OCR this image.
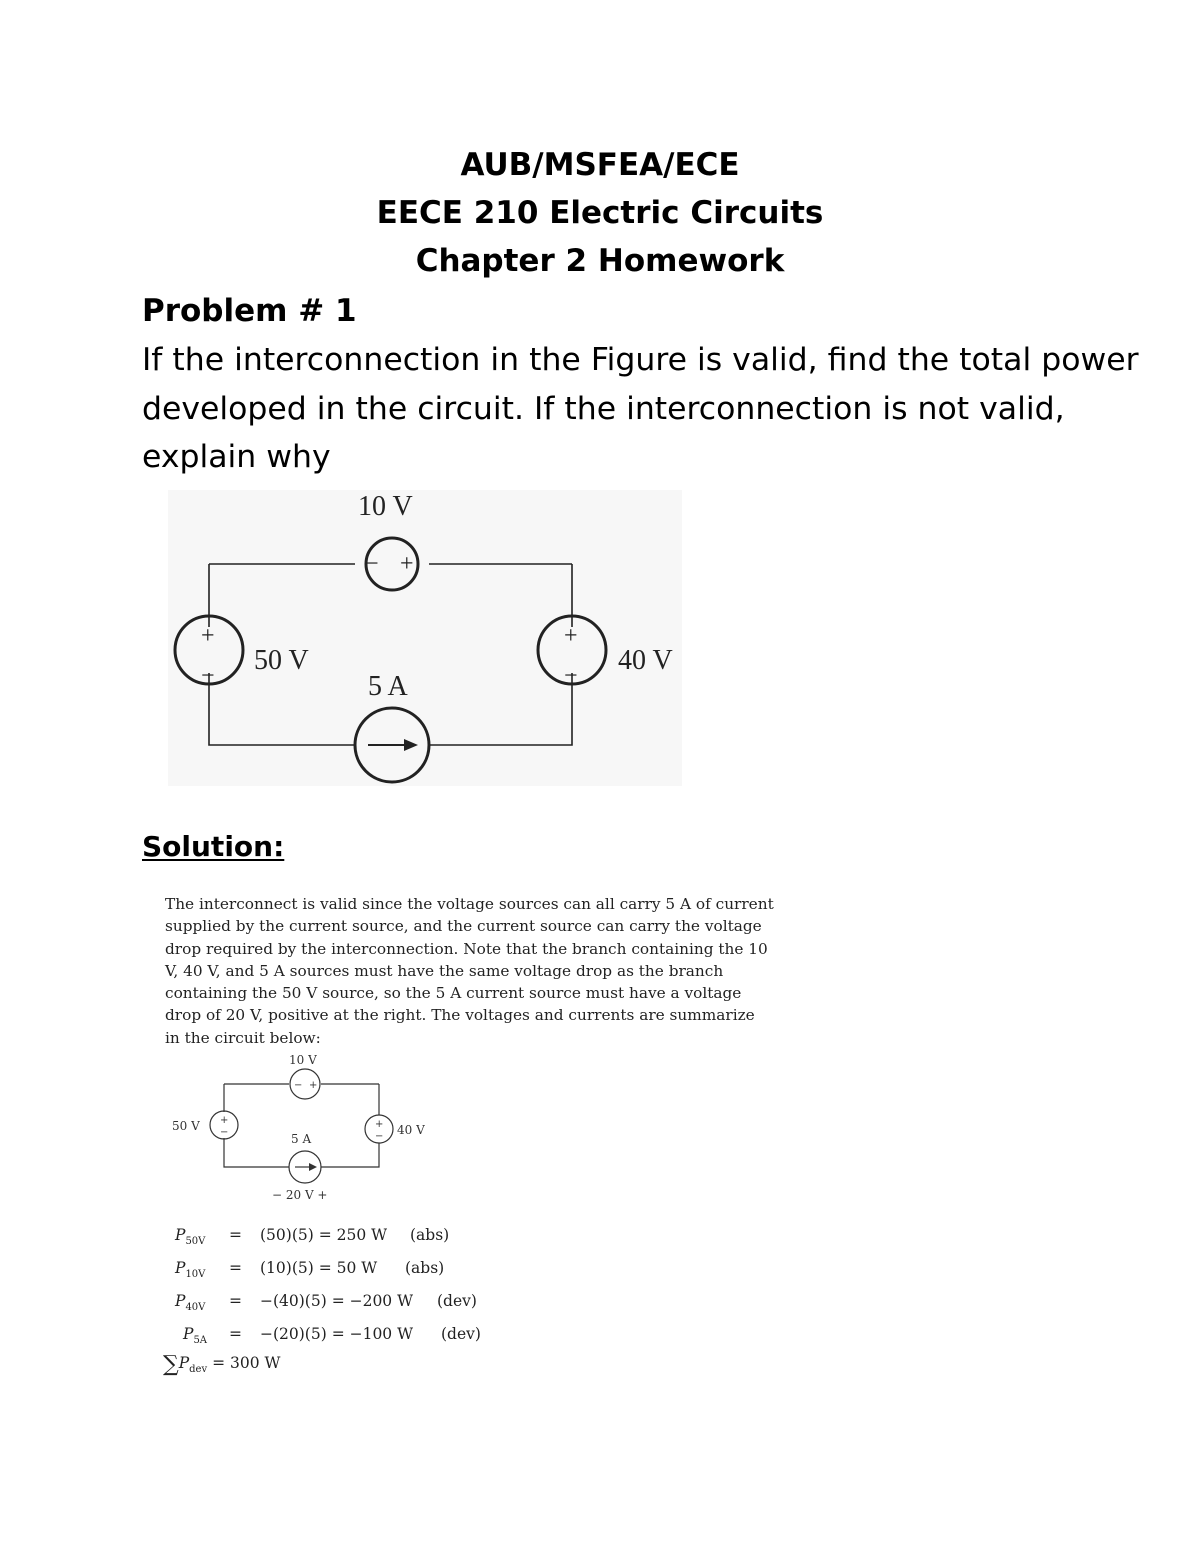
AUB/MSFEA/ECE
EECE 210 Electric Circuits
Chapter 2 Homework
Problem # 1
If the interconnection in the Figure is valid, find the total power developed in the circuit. If the interconnection is not valid, explain why
10 V
50 V	40 V
5 A
− +
+
−
+
−
Solution:
The interconnect is valid since the voltage sources can all carry 5 A of current
supplied by the current source, and the current source can carry the voltage
drop required by the interconnection. Note that the branch containing the 10
V, 40 V, and 5 A sources must have the same voltage drop as the branch
containing the 50 V source, so the 5 A current source must have a voltage
drop of 20 V, positive at the right. The voltages and currents are summarize
in the circuit below:
10 V
50 V	40 V
5 A
− 20 V +
− +
+
−
+
−
$P_{50V} = (50)(5) = 250$ W (abs)
$P_{10V} = (10)(5) = 50$ W (abs)
$P_{40V} = -(40)(5) = -200$ W (dev)
$P_{5A} = -(20)(5) = -100$ W (dev)
$\sum P_{dev} = 300$ W
